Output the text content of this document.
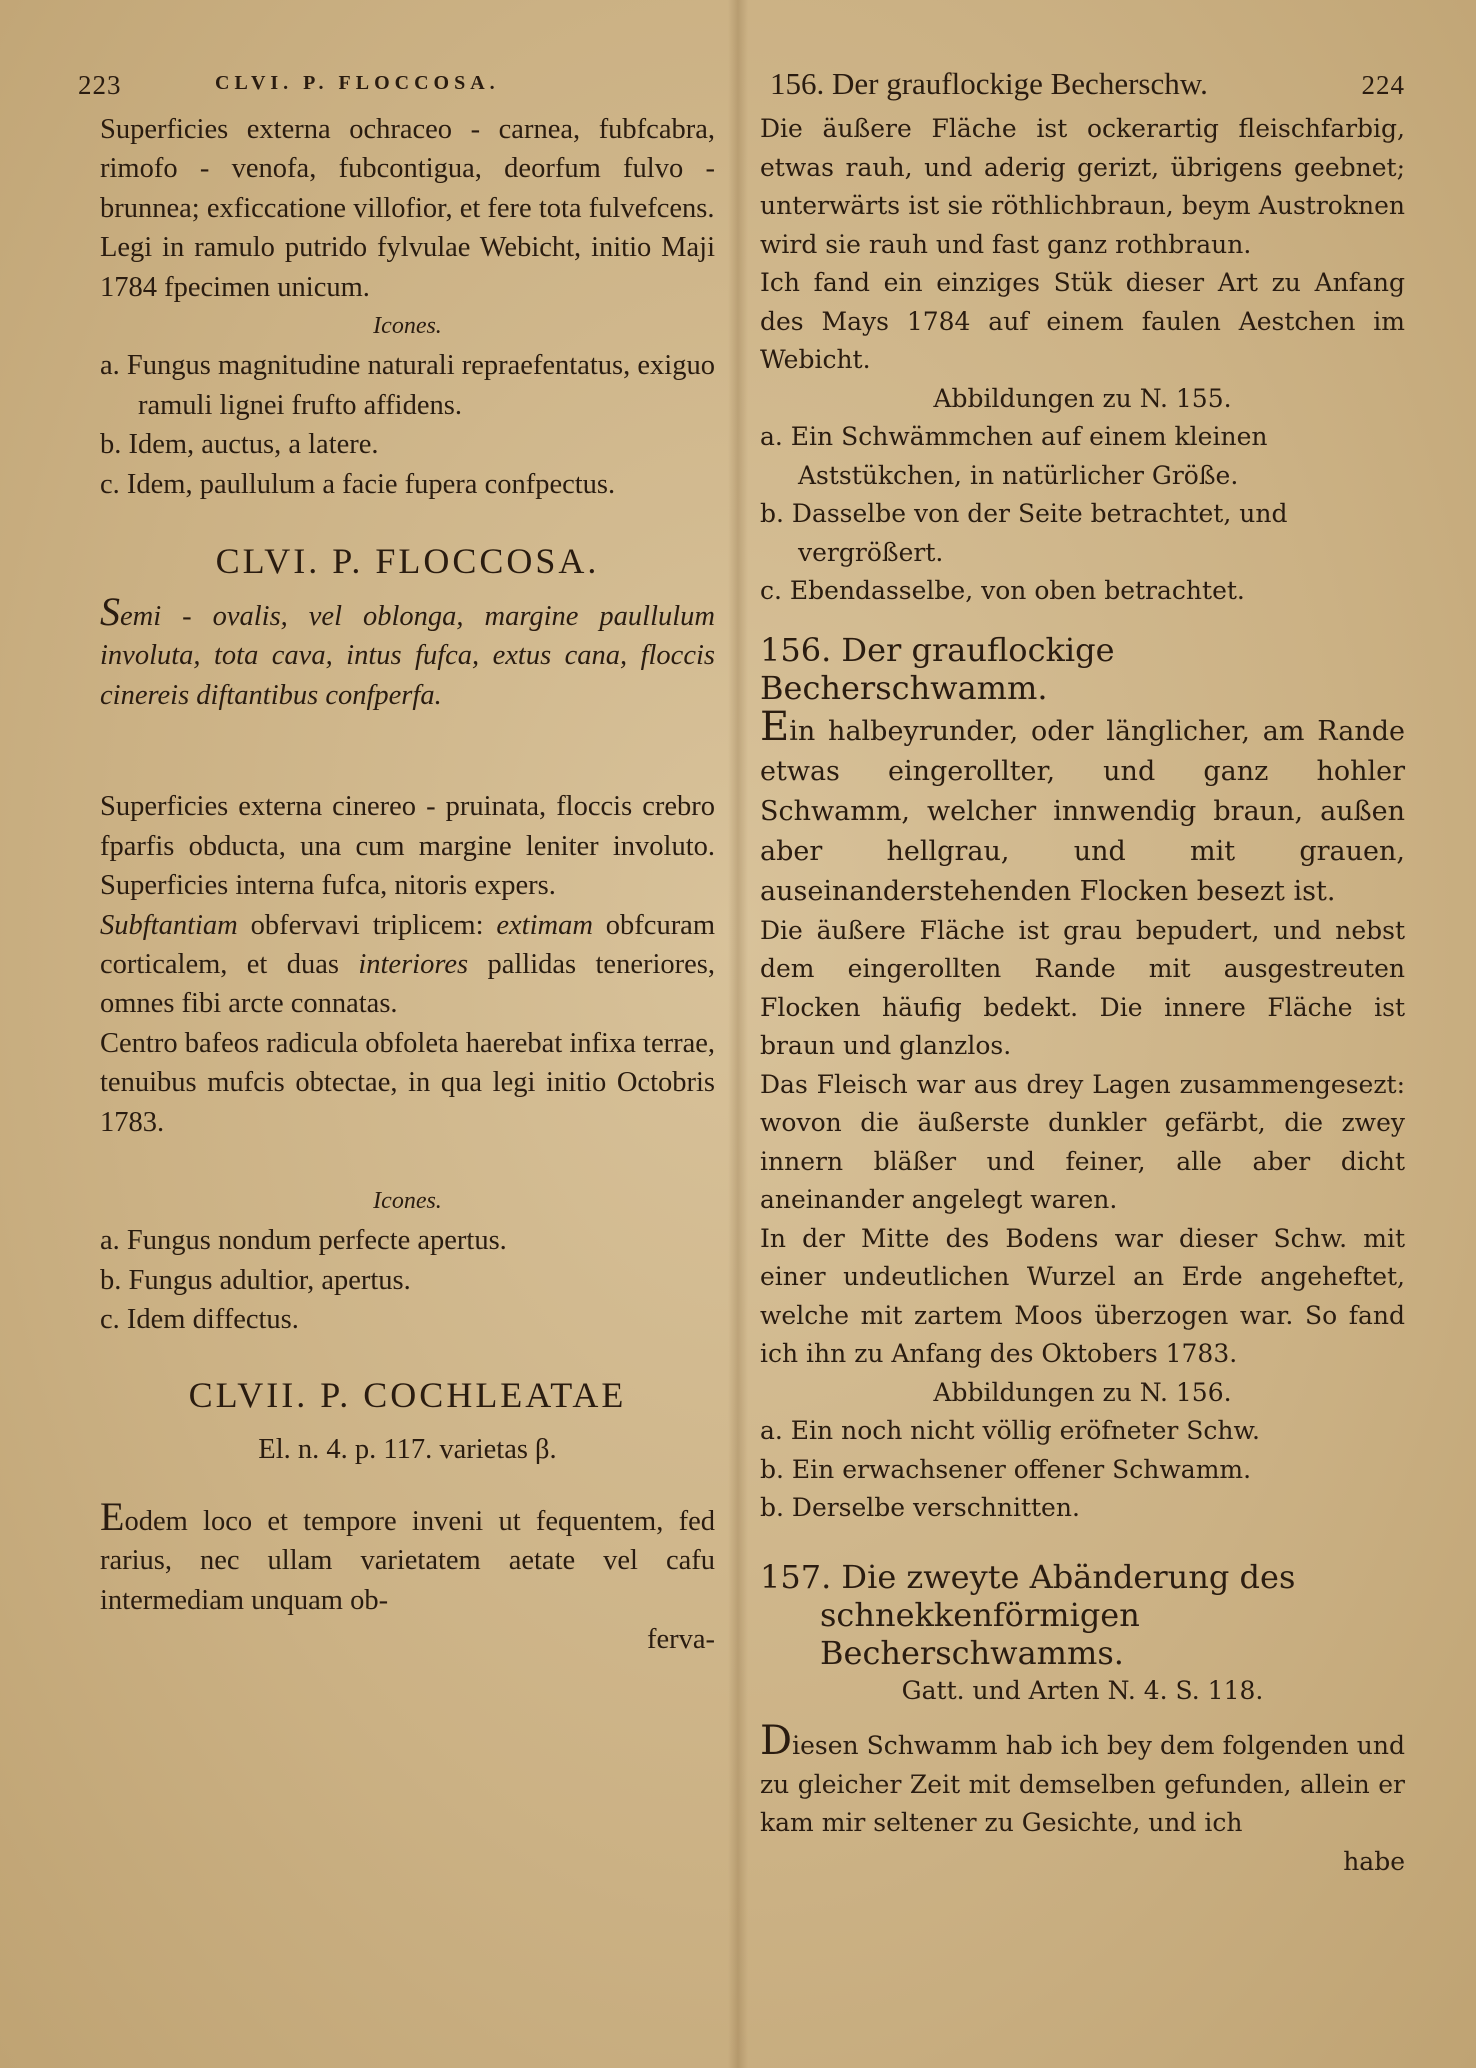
223	CLVI. P. FLOCCOSA.

Superficies externa ochraceo - carnea, fubfcabra, rimofo - venofa, fubcontigua, deorfum fulvo - brunnea; exficcatione villofior, et fere tota fulvefcens.

Legi in ramulo putrido fylvulae Webicht, initio Maji 1784 fpecimen unicum.

Icones.

a. Fungus magnitudine naturali repraefentatus, exiguo ramuli lignei frufto affidens.

b. Idem, auctus, a latere.

c. Idem, paullulum a facie fupera confpectus.

CLVI. P. FLOCCOSA.

Semi - ovalis, vel oblonga, margine paullulum involuta, tota cava, intus fufca, extus cana, floccis cinereis diftantibus confperfa.

Superficies externa cinereo - pruinata, floccis crebro fparfis obducta, una cum margine leniter involuto. Superficies interna fufca, nitoris expers.

Subftantiam obfervavi triplicem: extimam obfcuram corticalem, et duas interiores pallidas teneriores, omnes fibi arcte connatas.

Centro bafeos radicula obfoleta haerebat infixa terrae, tenuibus mufcis obtectae, in qua legi initio Octobris 1783.

Icones.

a. Fungus nondum perfecte apertus.

b. Fungus adultior, apertus.

c. Idem diffectus.

CLVII. P. COCHLEATAE

El. n. 4. p. 117. varietas β.

Eodem loco et tempore inveni ut fequentem, fed rarius, nec ullam varietatem aetate vel cafu intermediam unquam ob-

ferva-

156. Der grauflockige Becherschw.	224

Die äußere Fläche ist ockerartig fleischfarbig, etwas rauh, und aderig gerizt, übrigens geebnet; unterwärts ist sie röthlichbraun, beym Austroknen wird sie rauh und fast ganz rothbraun.

Ich fand ein einziges Stük dieser Art zu Anfang des Mays 1784 auf einem faulen Aestchen im Webicht.

Abbildungen zu N. 155.

a. Ein Schwämmchen auf einem kleinen Aststükchen, in natürlicher Größe.

b. Dasselbe von der Seite betrachtet, und vergrößert.

c. Ebendasselbe, von oben betrachtet.

156. Der grauflockige Becherschwamm.

Ein halbeyrunder, oder länglicher, am Rande etwas eingerollter, und ganz hohler Schwamm, welcher innwendig braun, außen aber hellgrau, und mit grauen, auseinanderstehenden Flocken besezt ist.

Die äußere Fläche ist grau bepudert, und nebst dem eingerollten Rande mit ausgestreuten Flocken häufig bedekt. Die innere Fläche ist braun und glanzlos.

Das Fleisch war aus drey Lagen zusammengesezt: wovon die äußerste dunkler gefärbt, die zwey innern bläßer und feiner, alle aber dicht aneinander angelegt waren.

In der Mitte des Bodens war dieser Schw. mit einer undeutlichen Wurzel an Erde angeheftet, welche mit zartem Moos überzogen war. So fand ich ihn zu Anfang des Oktobers 1783.

Abbildungen zu N. 156.

a. Ein noch nicht völlig eröfneter Schw.

b. Ein erwachsener offener Schwamm.

b. Derselbe verschnitten.

157. Die zweyte Abänderung des schnekkenförmigen Becherschwamms.

Gatt. und Arten N. 4. S. 118.

Diesen Schwamm hab ich bey dem folgenden und zu gleicher Zeit mit demselben gefunden, allein er kam mir seltener zu Gesichte, und ich

habe
